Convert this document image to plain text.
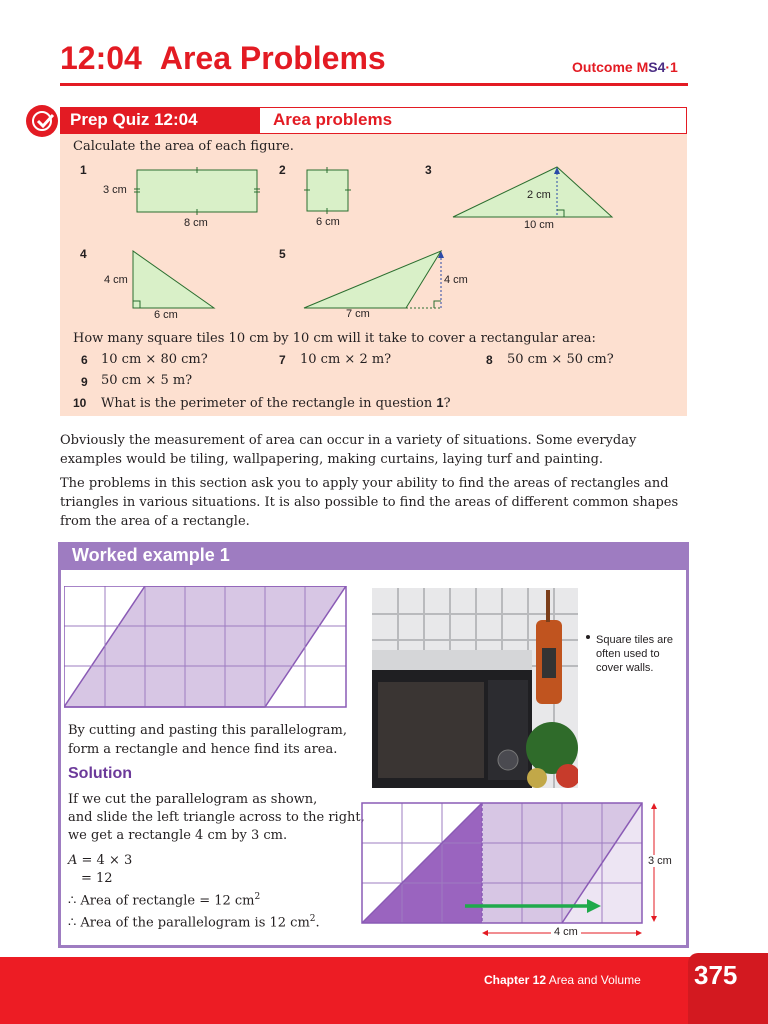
12:04 Area Problems	Outcome MS4·1
Prep Quiz 12:04	Area problems
Calculate the area of each figure.
1	2	3
4	5
3 cm
8 cm	6 cm
2 cm
10 cm
4 cm
6 cm
4 cm
7 cm
How many square tiles 10 cm by 10 cm will it take to cover a rectangular area:
6 10 cm × 80 cm?	7 10 cm × 2 m?	8 50 cm × 50 cm?
9 50 cm × 5 m?
10 What is the perimeter of the rectangle in question 1?
Obviously the measurement of area can occur in a variety of situations. Some everyday examples would be tiling, wallpapering, making curtains, laying turf and painting.
The problems in this section ask you to apply your ability to find the areas of rectangles and triangles in various situations. It is also possible to find the areas of different common shapes from the area of a rectangle.
Worked example 1
Square tiles are often used to cover walls.
By cutting and pasting this parallelogram,
form a rectangle and hence find its area.
Solution
If we cut the parallelogram as shown,
and slide the left triangle across to the right,
we get a rectangle 4 cm by 3 cm.
A = 4 × 3
= 12
∴ Area of rectangle = 12 $cm^2$
∴ Area of the parallelogram is 12 $cm^2$.
3 cm
4 cm
Chapter 12 Area and Volume 375
